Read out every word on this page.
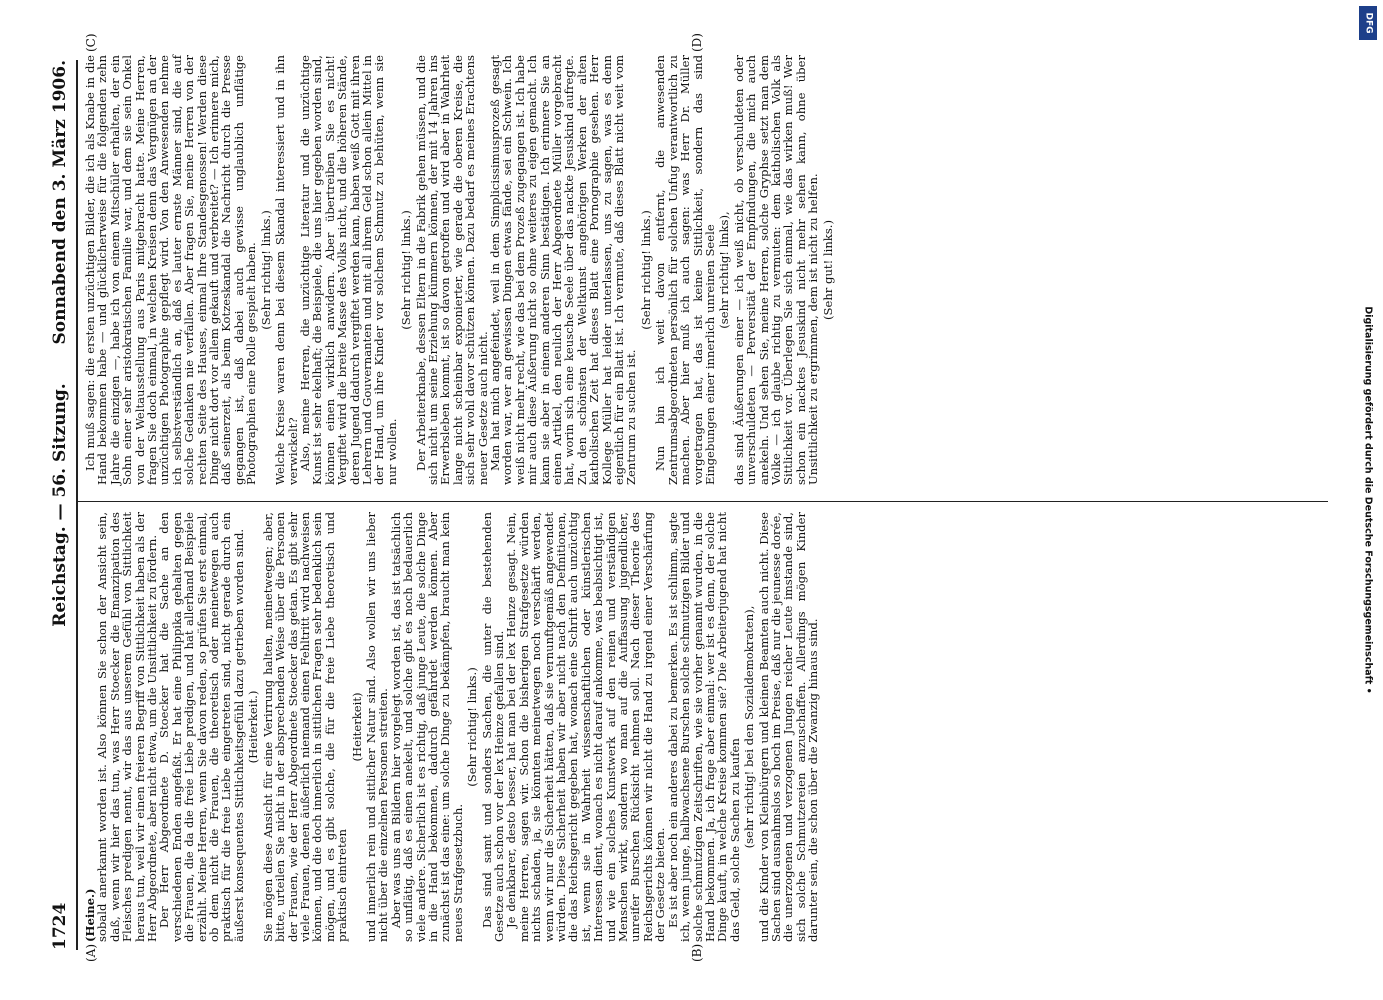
1724
Reichstag. — 56. Sitzung.
Sonnabend den 3. März 1906.
(A)	(B)
(C)	(D)

(Heine.)

sobald anerkannt worden ist. Also können Sie schon der Ansicht sein, daß, wenn wir hier das tun, was Herr Stoecker die Emanzipation des Fleisches predigen nennt, wir das aus unserem Gefühl von Sittlichkeit heraus tun, weil wir einen freieren Begriff von Sittlichkeit haben als der Herr Abgeordnete, aber nicht etwa, um die Unsittlichkeit zu fördern.

Der Herr Abgeordnete D. Stoecker hat die Sache an den verschiedenen Enden angefaßt. Er hat eine Philippika gehalten gegen die Frauen, die da die freie Liebe predigen, und hat allerhand Beispiele erzählt. Meine Herren, wenn Sie davon reden, so prüfen Sie erst einmal, ob dem nicht die Frauen, die theoretisch oder meinetwegen auch praktisch für die freie Liebe eingetreten sind, nicht gerade durch ein äußerst konsequentes Sittlichkeitsgefühl dazu getrieben worden sind. (Heiterkeit.) Sie mögen diese Ansicht für eine Verirrung halten, meinetwegen; aber, bitte, urteilen Sie nicht in der absprechenden Weise über die Personen der Frauen, wie der Herr Abgeordnete Stoecker das getan. Es gibt sehr viele Frauen, denen äußerlich niemand einen Fehltritt wird nachweisen können, und die doch innerlich in sittlichen Fragen sehr bedenklich sein mögen, und es gibt solche, die für die freie Liebe theoretisch und praktisch eintreten

(Heiterkeit) und innerlich rein und sittlicher Natur sind. Also wollen wir uns lieber nicht über die einzelnen Personen streiten.

Aber was uns an Bildern hier vorgelegt worden ist, das ist tatsächlich so unflätig, daß es einen anekelt, und solche gibt es noch bedauerlich viele andere. Sicherlich ist es richtig, daß junge Leute, die solche Dinge in die Hand bekommen, dadurch gefährdet werden können. Aber zunächst ist das eine: um solche Dinge zu bekämpfen, braucht man kein neues Strafgesetzbuch.

(Sehr richtig! links.) Das sind samt und sonders Sachen, die unter die bestehenden Gesetze auch schon vor der lex Heinze gefallen sind.

Je denkbarer, desto besser, hat man bei der lex Heinze gesagt. Nein, meine Herren, sagen wir. Schon die bisherigen Strafgesetze würden nichts schaden, ja, sie könnten meinetwegen noch verschärft werden, wenn wir nur die Sicherheit hätten, daß sie vernunftgemäß angewendet würden. Diese Sicherheit haben wir aber nicht nach den Definitionen, die das Reichsgericht gegeben hat, wonach eine Schrift auch unzüchtig ist, wenn sie in Wahrheit wissenschaftlichen oder künstlerischen Interessen dient, wonach es nicht darauf ankomme, was beabsichtigt ist, und wie ein solches Kunstwerk auf den reinen und verständigen Menschen wirkt, sondern wo man auf die Auffassung jugendlicher, unreifer Burschen Rücksicht nehmen soll. Nach dieser Theorie des Reichsgerichts können wir nicht die Hand zu irgend einer Verschärfung der Gesetze bieten.

Es ist aber noch ein anderes dabei zu bemerken. Es ist schlimm, sagte ich, wenn junge, halbwachsene Burschen solche schmutzigen Bilder und solche schmutzigen Zeitschriften, wie sie vorher genannt wurden, in die Hand bekommen. Ja, ich frage aber einmal: wer ist es denn, der solche Dinge kauft, in welche Kreise kommen sie? Die Arbeiterjugend hat nicht das Geld, solche Sachen zu kaufen (sehr richtig! bei den Sozialdemokraten), und die Kinder von Kleinbürgern und kleinen Beamten auch nicht. Diese Sachen sind ausnahmslos so hoch im Preise, daß nur die jeunesse dorée, die unerzogenen und verzogenen Jungen reicher Leute imstande sind, sich solche Schmutzereien anzuschaffen. Allerdings mögen Kinder darunter sein, die schon über die Zwanzig hinaus sind.

Ich muß sagen: die ersten unzüchtigen Bilder, die ich als Knabe in die Hand bekommen habe — und glücklicherweise für die folgenden zehn Jahre die einzigen —, habe ich von einem Mitschüler erhalten, der ein Sohn einer sehr aristokratischen Familie war, und dem sie sein Onkel von der Weltausstellung aus Paris mitgebracht hatte. Meine Herren, fragen Sie doch einmal, in welchen Kreisen denn das Vergnügen an der unzüchtigen Photographie gepflegt wird. Von den Anwesenden nehme ich selbstverständlich an, daß es lauter ernste Männer sind, die auf solche Gedanken nie verfallen. Aber fragen Sie, meine Herren von der rechten Seite des Hauses, einmal Ihre Standesgenossen! Werden diese Dinge nicht dort vor allem gekauft und verbreitet? — Ich erinnere mich, daß seinerzeit, als beim Kotzeskandal die Nachricht durch die Presse gegangen ist, daß dabei auch gewisse unglaublich unflätige Photographien eine Rolle gespielt haben. (Sehr richtig! links.) Welche Kreise waren denn bei diesem Skandal interessiert und in ihn verwickelt?

Also, meine Herren, die unzüchtige Literatur und die unzüchtige Kunst ist sehr ekelhaft; die Beispiele, die uns hier gegeben worden sind, können einen wirklich anwidern. Aber übertreiben Sie es nicht! Vergiftet wird die breite Masse des Volks nicht, und die höheren Stände, deren Jugend dadurch vergiftet werden kann, haben weiß Gott mit ihren Lehrern und Gouvernanten und mit all ihrem Geld schon allein Mittel in der Hand, um ihre Kinder vor solchem Schmutz zu behüten, wenn sie nur wollen.

(Sehr richtig! links.) Der Arbeiterknabe, dessen Eltern in die Fabrik gehen müssen, und die sich nicht um seine Erziehung kümmern können, der mit 14 Jahren ins Erwerbsleben kommt, ist so davon getroffen und wird aber in Wahrheit lange nicht scheinbar exponierter, wie gerade die oberen Kreise, die sich sehr wohl davor schützen können. Dazu bedarf es meines Erachtens neuer Gesetze auch nicht.

Man hat mich angefeindet, weil in dem Simplicissimusprozeß gesagt worden war, wer an gewissen Dingen etwas fände, sei ein Schwein. Ich weiß nicht mehr recht, wie das bei dem Prozeß zugegangen ist. Ich habe mir auch diese Äußerung nicht so ohne weiteres zu eigen gemacht. Ich kann sie aber in einem anderen Sinn bestätigen. Ich erinnere Sie an einen Artikel, den neulich der Herr Abgeordnete Müller vorgebracht hat, worin sich eine keusche Seele über das nackte Jesuskind aufregte. Zu den schönsten der Weltkunst angehörigen Werken der alten katholischen Zeit hat dieses Blatt eine Pornographie gesehen. Herr Kollege Müller hat leider unterlassen, uns zu sagen, was es denn eigentlich für ein Blatt ist. Ich vermute, daß dieses Blatt nicht weit vom Zentrum zu suchen ist.

(Sehr richtig! links.) Nun bin ich weit davon entfernt, die anwesenden Zentrumsabgeordneten persönlich für solchen Unfug verantwortlich zu machen. Aber hier muß ich auch sagen: was Herr Dr. Müller vorgetragen hat, das ist keine Sittlichkeit, sondern das sind Eingebungen einer innerlich unreinen Seele (sehr richtig! links), das sind Äußerungen einer — ich weiß nicht, ob verschuldeten oder unverschuldeten — Perversität der Empfindungen, die mich auch anekeln. Und sehen Sie, meine Herren, solche Gryphse setzt man dem Volke — ich glaube richtig zu vermuten: dem katholischen Volk als Sittlichkeit vor. Überlegen Sie sich einmal, wie das wirken muß! Wer schon ein nacktes Jesuskind nicht mehr sehen kann, ohne über Unsittlichkeit zu ergrimmen, dem ist nicht zu helfen. (Sehr gut! links.)

Digitalisierung gefördert durch die Deutsche Forschungsgemeinschaft •
DFG
